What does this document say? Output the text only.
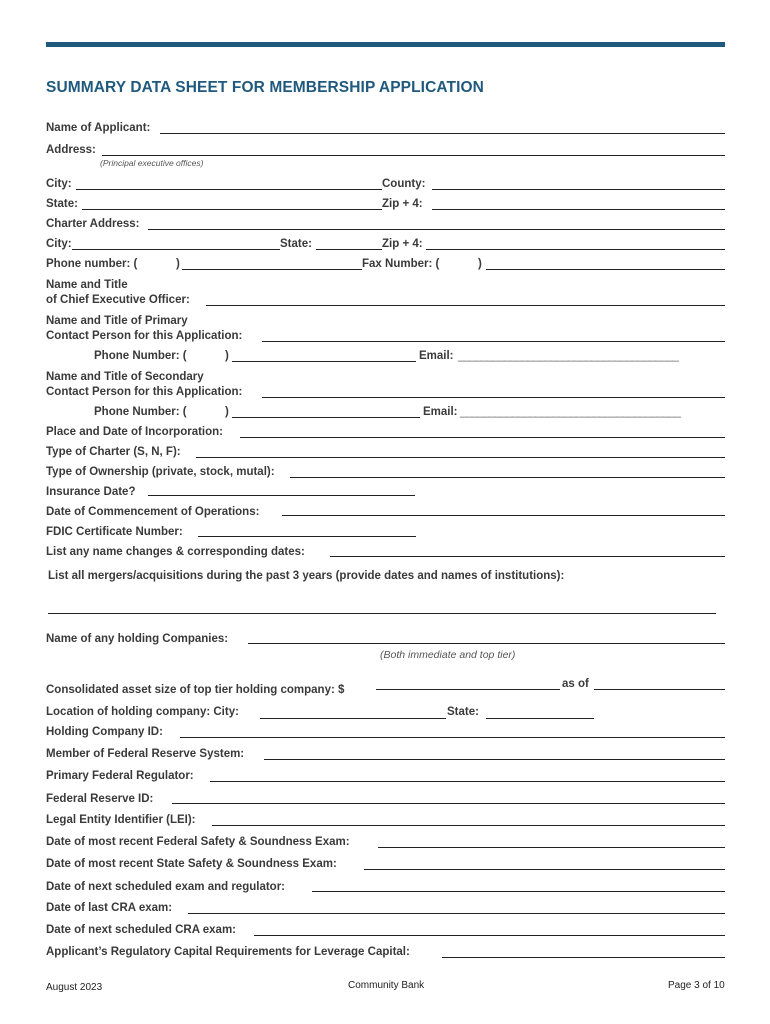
SUMMARY DATA SHEET FOR MEMBERSHIP APPLICATION
Name of Applicant:
Address:
(Principal executive offices)
City:	County:
State:	Zip + 4:
Charter Address:
City:	State:	Zip + 4:
Phone number: (	)	Fax Number: (	)
Name and Title
of Chief Executive Officer:
Name and Title of Primary
Contact Person for this Application:
Phone Number: (	)	Email: ______________________________________
Name and Title of Secondary
Contact Person for this Application:
Phone Number: (	)	Email: ______________________________________
Place and Date of Incorporation:
Type of Charter (S, N, F):
Type of Ownership (private, stock, mutal):
Insurance Date?
Date of Commencement of Operations:
FDIC Certificate Number:
List any name changes & corresponding dates:
List all mergers/acquisitions during the past 3 years (provide dates and names of institutions):
Name of any holding Companies:
(Both immediate and top tier)
Consolidated asset size of top tier holding company: $	as of
Location of holding company: City:	State:
Holding Company ID:
Member of Federal Reserve System:
Primary Federal Regulator:
Federal Reserve ID:
Legal Entity Identifier (LEI):
Date of most recent Federal Safety & Soundness Exam:
Date of most recent State Safety & Soundness Exam:
Date of next scheduled exam and regulator:
Date of last CRA exam:
Date of next scheduled CRA exam:
Applicant’s Regulatory Capital Requirements for Leverage Capital:
August 2023	Community Bank	Page 3 of 10
